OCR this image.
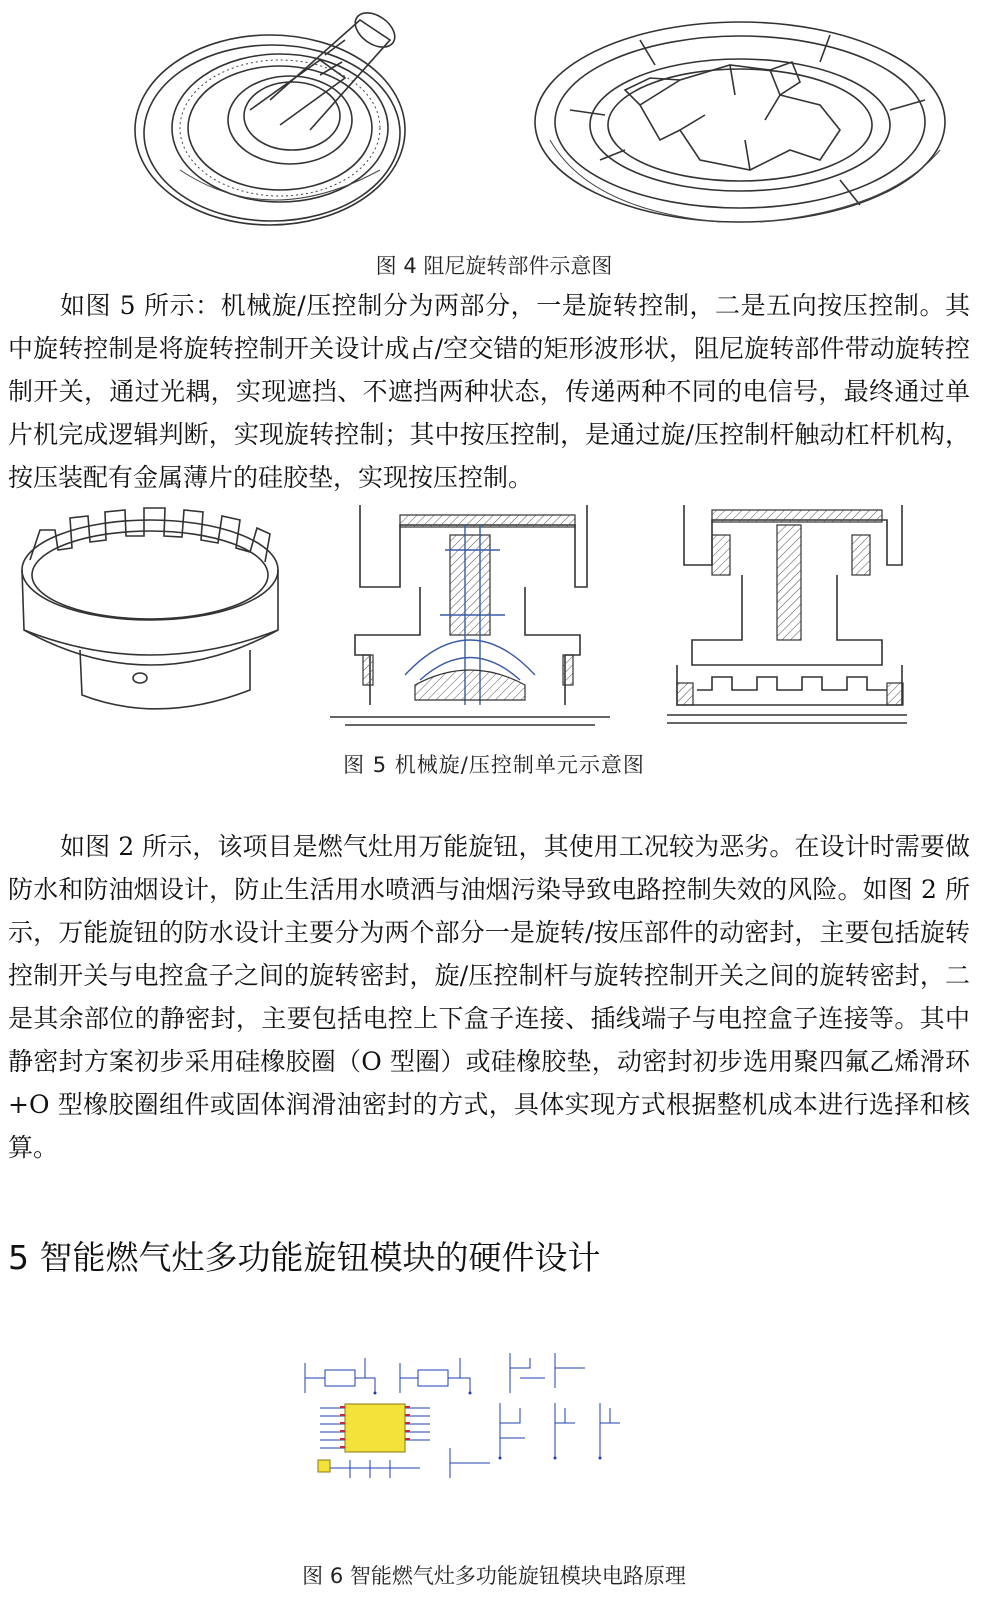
图 4 阻尼旋转部件示意图

如图 5 所示：机械旋/压控制分为两部分，一是旋转控制，二是五向按压控制。其中旋转控制是将旋转控制开关设计成占/空交错的矩形波形状，阻尼旋转部件带动旋转控制开关，通过光耦，实现遮挡、不遮挡两种状态，传递两种不同的电信号，最终通过单片机完成逻辑判断，实现旋转控制；其中按压控制，是通过旋/压控制杆触动杠杆机构，按压装配有金属薄片的硅胶垫，实现按压控制。

图 5 机械旋/压控制单元示意图

如图 2 所示，该项目是燃气灶用万能旋钮，其使用工况较为恶劣。在设计时需要做防水和防油烟设计，防止生活用水喷洒与油烟污染导致电路控制失效的风险。如图 2 所示，万能旋钮的防水设计主要分为两个部分一是旋转/按压部件的动密封，主要包括旋转控制开关与电控盒子之间的旋转密封，旋/压控制杆与旋转控制开关之间的旋转密封，二是其余部位的静密封，主要包括电控上下盒子连接、插线端子与电控盒子连接等。其中静密封方案初步采用硅橡胶圈（O 型圈）或硅橡胶垫，动密封初步选用聚四氟乙烯滑环+O 型橡胶圈组件或固体润滑油密封的方式，具体实现方式根据整机成本进行选择和核算。

5 智能燃气灶多功能旋钮模块的硬件设计
图 6 智能燃气灶多功能旋钮模块电路原理
